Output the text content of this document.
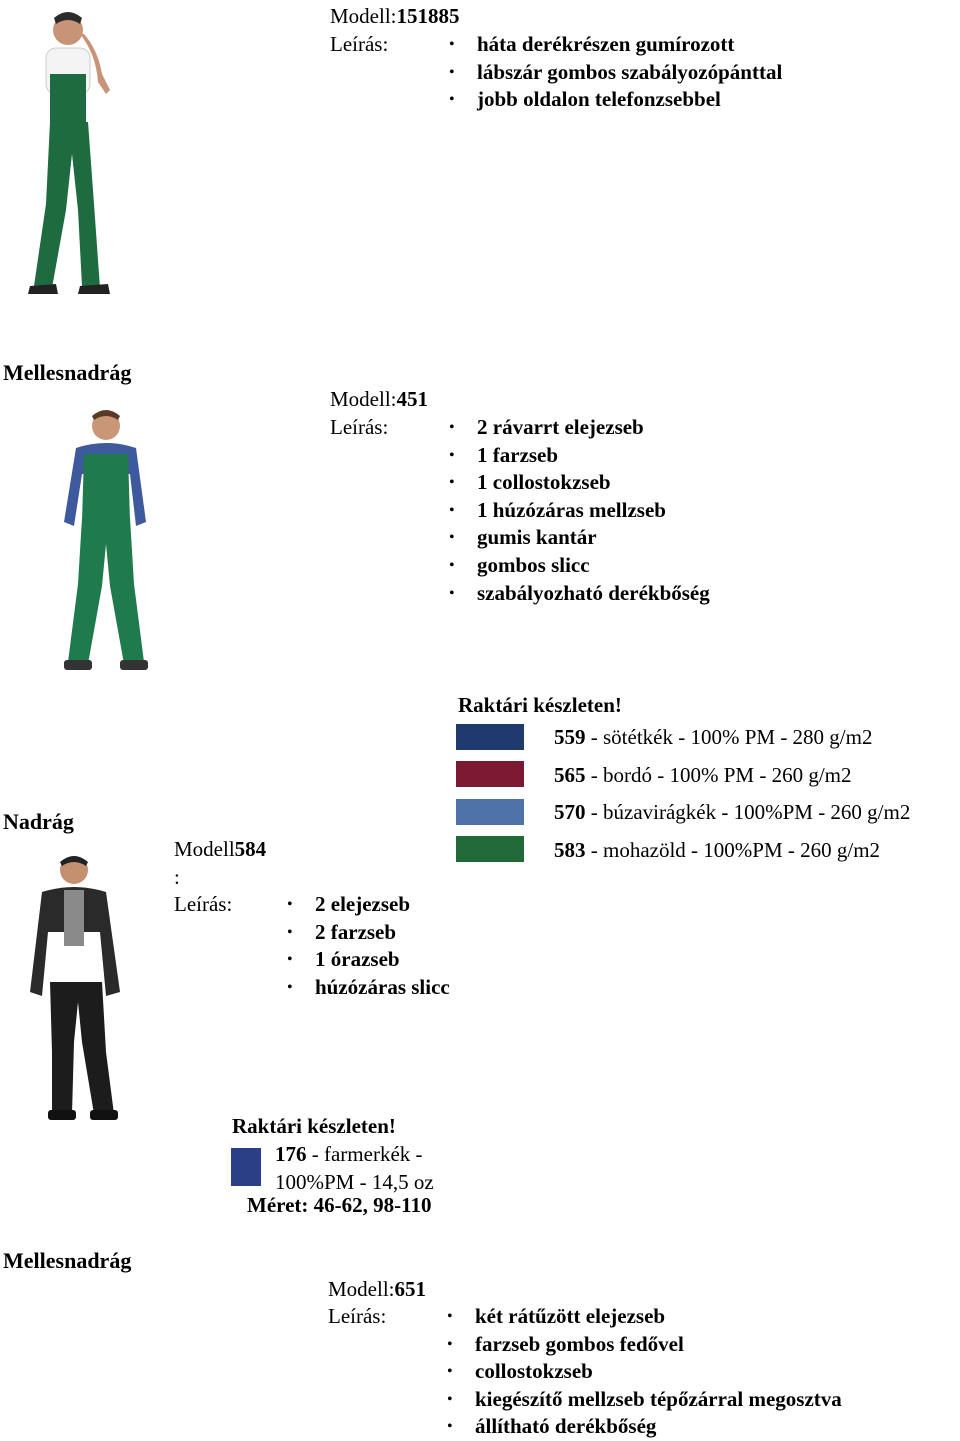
Modell:151885
Leírás:	• háta derékrészen gumírozott
• lábszár gombos szabályozópánttal
• jobb oldalon telefonzsebbel
Mellesnadrág
Modell:451
Leírás:	• 2 rávarrt elejezseb
• 1 farzseb
• 1 collostokzseb
• 1 húzózáras mellzseb
• gumis kantár
• gombos slicc
• szabályozható derékbőség
Raktári készleten!
559 - sötétkék - 100% PM - 280 g/m2
565 - bordó - 100% PM - 260 g/m2
570 - búzavirágkék - 100%PM - 260 g/m2
583 - mohazöld - 100%PM - 260 g/m2
Nadrág
Modell584
:
Leírás:	• 2 elejezseb
• 2 farzseb
• 1 órazseb
• húzózáras slicc
Raktári készleten!
176 - farmerkék -
100%PM - 14,5 oz
Méret: 46-62, 98-110
Mellesnadrág
Modell:651
Leírás:	• két rátűzött elejezseb
• farzseb gombos fedővel
• collostokzseb
• kiegészítő mellzseb tépőzárral megosztva
• állítható derékbőség
